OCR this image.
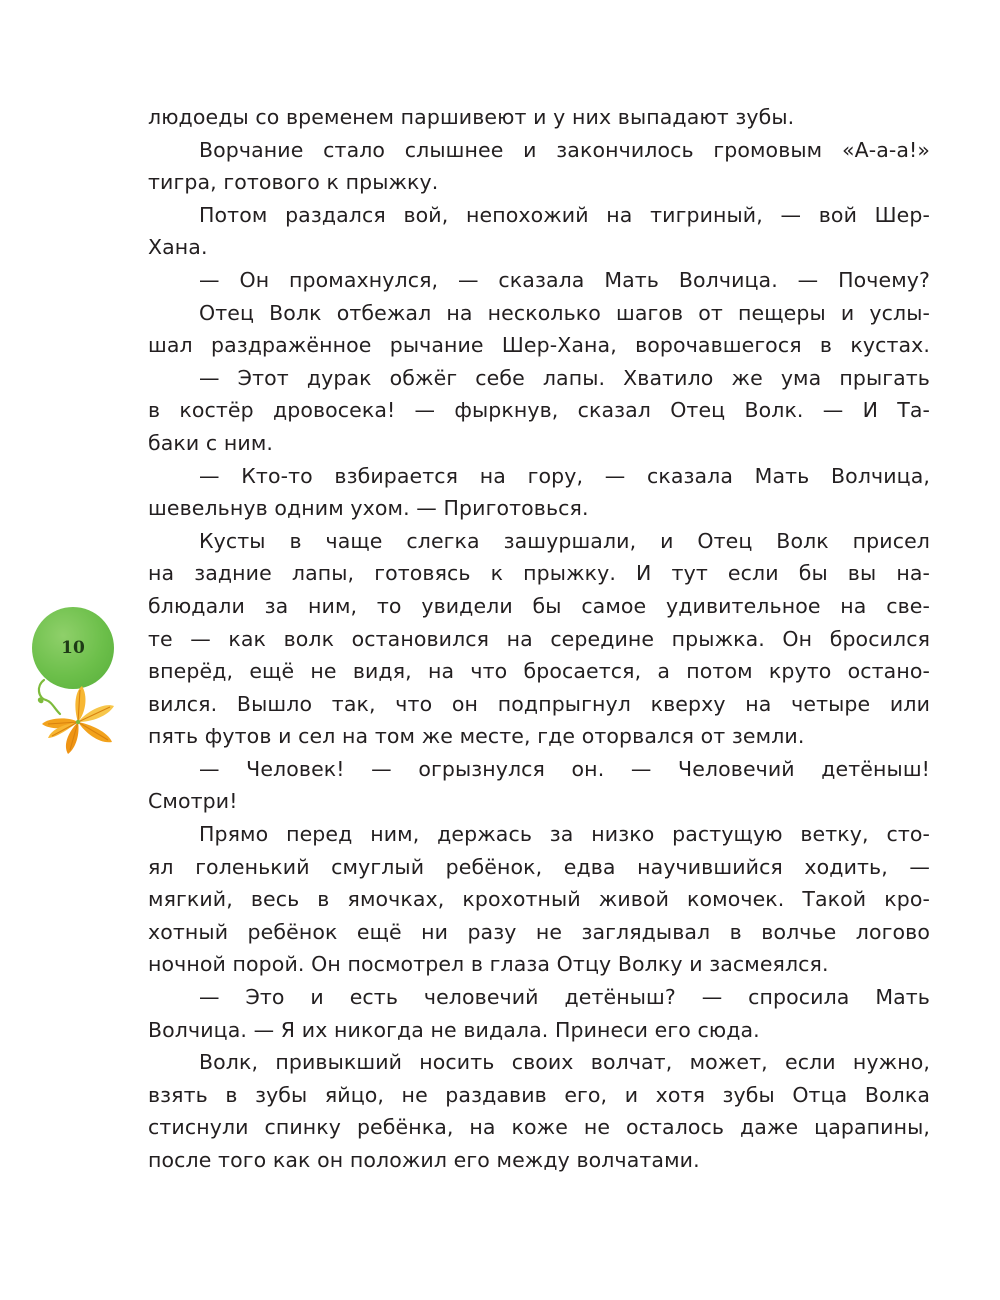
10
людоеды со временем паршивеют и у них выпадают зубы.
Ворчание стало слышнее и закончилось громовым «А-а-а!»
тигра, готового к прыжку.
Потом раздался вой, непохожий на тигриный, — вой Шер-
Хана.
— Он промахнулся, — сказала Мать Волчица. — Почему?
Отец Волк отбежал на несколько шагов от пещеры и услы-
шал раздражённое рычание Шер-Хана, ворочавшегося в кустах.
— Этот дурак обжёг себе лапы. Хватило же ума прыгать
в костёр дровосека! — фыркнув, сказал Отец Волк. — И Та-
баки с ним.
— Кто-то взбирается на гору, — сказала Мать Волчица,
шевельнув одним ухом. — Приготовься.
Кусты в чаще слегка зашуршали, и Отец Волк присел
на задние лапы, готовясь к прыжку. И тут если бы вы на-
блюдали за ним, то увидели бы самое удивительное на све-
те — как волк остановился на середине прыжка. Он бросился
вперёд, ещё не видя, на что бросается, а потом круто остано-
вился. Вышло так, что он подпрыгнул кверху на четыре или
пять футов и сел на том же месте, где оторвался от земли.
— Человек! — огрызнулся он. — Человечий детёныш!
Смотри!
Прямо перед ним, держась за низко растущую ветку, сто-
ял голенький смуглый ребёнок, едва научившийся ходить, —
мягкий, весь в ямочках, крохотный живой комочек. Такой кро-
хотный ребёнок ещё ни разу не заглядывал в волчье логово
ночной порой. Он посмотрел в глаза Отцу Волку и засмеялся.
— Это и есть человечий детёныш? — спросила Мать
Волчица. — Я их никогда не видала. Принеси его сюда.
Волк, привыкший носить своих волчат, может, если нужно,
взять в зубы яйцо, не раздавив его, и хотя зубы Отца Волка
стиснули спинку ребёнка, на коже не осталось даже царапины,
после того как он положил его между волчатами.
